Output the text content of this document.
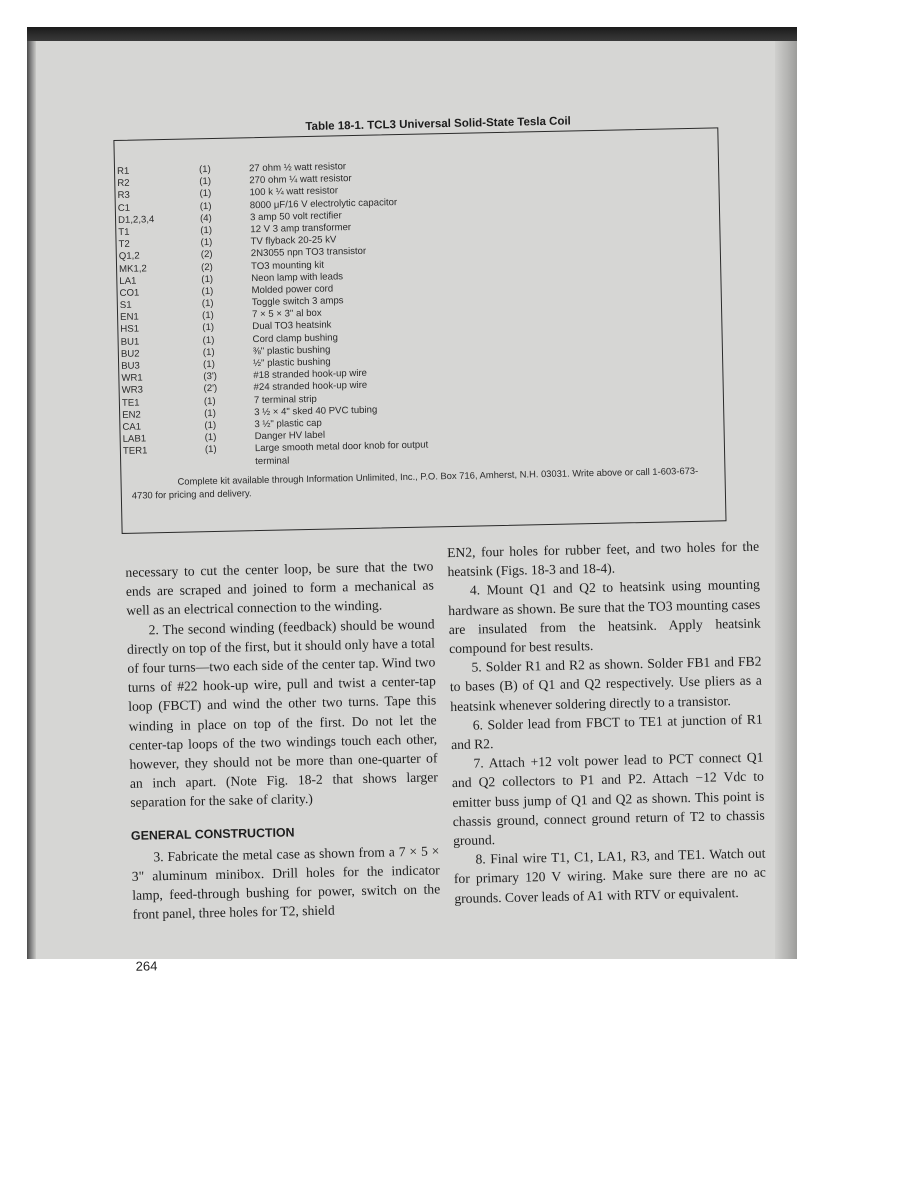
Table 18-1. TCL3 Universal Solid-State Tesla Coil
R1	(1)	27 ohm ½ watt resistor
R2	(1)	270 ohm ¼ watt resistor
R3	(1)	100 k ¼ watt resistor
C1	(1)	8000 μF/16 V electrolytic capacitor
D1,2,3,4	(4)	3 amp 50 volt rectifier
T1	(1)	12 V 3 amp transformer
T2	(1)	TV flyback 20-25 kV
Q1,2	(2)	2N3055 npn TO3 transistor
MK1,2	(2)	TO3 mounting kit
LA1	(1)	Neon lamp with leads
CO1	(1)	Molded power cord
S1	(1)	Toggle switch 3 amps
EN1	(1)	7 × 5 × 3" al box
HS1	(1)	Dual TO3 heatsink
BU1	(1)	Cord clamp bushing
BU2	(1)	⅜" plastic bushing
BU3	(1)	½" plastic bushing
WR1	(3')	#18 stranded hook-up wire
WR3	(2')	#24 stranded hook-up wire
TE1	(1)	7 terminal strip
EN2	(1)	3 ½ × 4" sked 40 PVC tubing
CA1	(1)	3 ½" plastic cap
LAB1	(1)	Danger HV label
TER1	(1)	Large smooth metal door knob for output
terminal
Complete kit available through Information Unlimited, Inc., P.O. Box 716, Amherst, N.H. 03031. Write above or call 1-603-673-4730 for pricing and delivery.

necessary to cut the center loop, be sure that the two ends are scraped and joined to form a mechanical as well as an electrical connection to the winding.

2. The second winding (feedback) should be wound directly on top of the first, but it should only have a total of four turns—two each side of the center tap. Wind two turns of #22 hook-up wire, pull and twist a center-tap loop (FBCT) and wind the other two turns. Tape this winding in place on top of the first. Do not let the center-tap loops of the two windings touch each other, however, they should not be more than one-quarter of an inch apart. (Note Fig. 18-2 that shows larger separation for the sake of clarity.)

GENERAL CONSTRUCTION

3. Fabricate the metal case as shown from a 7 × 5 × 3" aluminum minibox. Drill holes for the indicator lamp, feed-through bushing for power, switch on the front panel, three holes for T2, shield

EN2, four holes for rubber feet, and two holes for the heatsink (Figs. 18-3 and 18-4).

4. Mount Q1 and Q2 to heatsink using mounting hardware as shown. Be sure that the TO3 mounting cases are insulated from the heatsink. Apply heatsink compound for best results.

5. Solder R1 and R2 as shown. Solder FB1 and FB2 to bases (B) of Q1 and Q2 respectively. Use pliers as a heatsink whenever soldering directly to a transistor.

6. Solder lead from FBCT to TE1 at junction of R1 and R2.

7. Attach +12 volt power lead to PCT connect Q1 and Q2 collectors to P1 and P2. Attach −12 Vdc to emitter buss jump of Q1 and Q2 as shown. This point is chassis ground, connect ground return of T2 to chassis ground.

8. Final wire T1, C1, LA1, R3, and TE1. Watch out for primary 120 V wiring. Make sure there are no ac grounds. Cover leads of A1 with RTV or equivalent.

264
